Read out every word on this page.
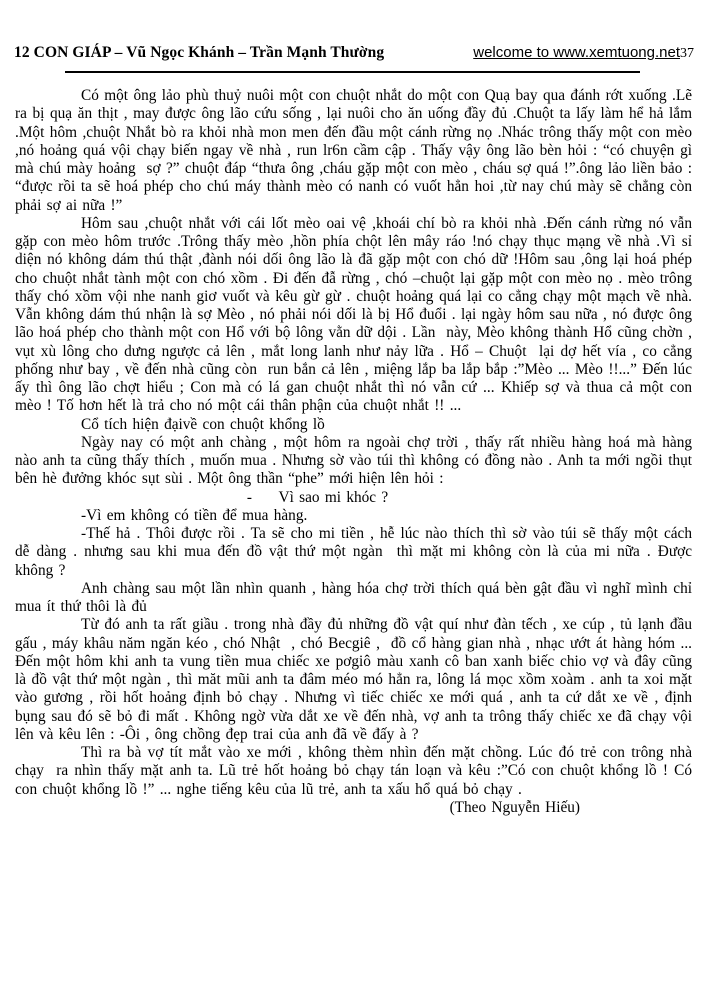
12 CON GIÁP – Vũ Ngọc Khánh – Trần Mạnh Thường	welcome to www.xemtuong.net37

Có một ông lảo phù thuỷ nuôi một con chuột nhắt do một con Quạ bay qua đánh rớt xuống .Lẽ ra bị quạ ăn thịt , may được ông lão cứu sống , lại nuôi cho ăn uống đầy đủ .Chuột ta lấy làm hể hả lắm .Một hôm ,chuột Nhắt bò ra khỏi nhà mon men đến đầu một cánh rừng nọ .Nhác trông thấy một con mèo ,nó hoảng quá vội chạy biến ngay về nhà , run lr6n cầm cập . Thấy vậy ông lão bèn hỏi : “có chuyện gì mà chú mày hoảng  sợ ?” chuột đáp “thưa ông ,cháu gặp một con mèo , cháu sợ quá !”.ông lảo liền bảo : “được rồi ta sẽ hoá phép cho chú máy thành mèo có nanh có vuốt hẳn hoi ,từ nay chú mày sẽ chẳng còn phải sợ ai nữa !”

Hôm sau ,chuột nhắt với cái lốt mèo oai vệ ,khoái chí bò ra khỏi nhà .Đến cánh rừng nó vẫn gặp con mèo hôm trước .Trông thấy mèo ,hồn phía chột lên mây ráo !nó chạy thục mạng về nhà .Vì sỉ diện nó không dám thú thật ,đành nói dối ông lão là đã gặp một con chó dữ !Hôm sau ,ông lại hoá phép cho chuột nhắt tành một con chó xồm . Đi đến đẫ rừng , chó –chuột lại gặp một con mèo nọ . mèo trông thấy chó xồm vội nhe nanh giơ vuốt và kêu gừ gừ . chuột hoảng quá lại co cẳng chạy một mạch về nhà. Vẫn không dám thú nhận là sợ Mèo , nó phải nói dối là bị Hổ đuổi . lại ngày hôm sau nữa , nó được ông lão hoá phép cho thành một con Hổ với bộ lông vằn dữ dội . Lần  này, Mèo không thành Hổ cũng chờn , vụt xù lông cho dưng ngược cả lên , mắt long lanh như nảy lữa . Hổ – Chuột  lại dợ hết vía , co cẳng phống như bay , về đến nhà cũng còn  run bắn cả lên , miệng lắp ba lắp bắp :”Mèo ... Mèo !!...” Đến lúc ấy thì ông lão chợt hiểu ; Con mà có lá gan chuột nhắt thì nó vẫn cứ ... Khiếp sợ và thua cả một con mèo ! Tố hơn hết là trả cho nó một cái thân phận của chuột nhắt !! ...

Cổ tích hiện đạivề con chuột khổng lồ

Ngày nay có một anh chàng , một hôm ra ngoài chợ trời , thấy rất nhiều hàng hoá mà hàng nào anh ta cũng thấy thích , muốn mua . Nhưng sờ vào túi thì không có đồng nào . Anh ta mới ngồi thụt bên hè đưởng khóc sụt sùi . Một ông thần “phe” mới hiện lên hỏi :

-     Vì sao mi khóc ?

-Vì em không có tiền để mua hàng.

-Thế hả . Thôi được rồi . Ta sẽ cho mi tiền , hễ lúc nào thích thì sờ vào túi sẽ thấy một cách dễ dàng . nhưng sau khi mua đến đồ vật thứ một ngàn  thì mặt mi không còn là của mi nữa . Được không ?

Anh chàng sau một lần nhìn quanh , hàng hóa chợ trời thích quá bèn gật đầu vì nghĩ mình chỉ mua ít thứ thôi là đủ

Từ đó anh ta rất giầu . trong nhà đầy đủ những đồ vật quí như đàn tếch , xe cúp , tủ lạnh đầu gấu , máy khâu năm ngăn kéo , chó Nhật  , chó Becgiê ,  đồ cổ hàng gian nhà , nhạc ướt át hàng hóm ... Đến một hôm khi anh ta vung tiền mua chiếc xe pơgiô màu xanh cô ban xanh biếc chio vợ và đây cũng là đồ vật thứ một ngàn , thì măt mũi anh ta đâm méo mó hẳn ra, lông lá mọc xồm xoàm . anh ta xoi mặt vào gương , rồi hốt hoảng định bỏ chạy . Nhưng vì tiếc chiếc xe mới quá , anh ta cứ dắt xe về , định bụng sau đó sẽ bỏ đi mất . Không ngờ vừa dắt xe về đến nhà, vợ anh ta trông thấy chiếc xe đã chạy vội lên và kêu lên : -Ôi , ông chồng đẹp trai của anh đã về đấy à ?

Thì ra bà vợ tít mắt vào xe mới , không thèm nhìn đến mặt chồng. Lúc đó trẻ con trông nhà chạy  ra nhìn thấy mặt anh ta. Lũ trẻ hốt hoảng bỏ chạy tán loạn và kêu :”Có con chuột khổng lồ ! Có con chuột khổng lồ !” ... nghe tiếng kêu của lũ trẻ, anh ta xấu hổ quá bỏ chạy .

(Theo Nguyễn Hiếu)
